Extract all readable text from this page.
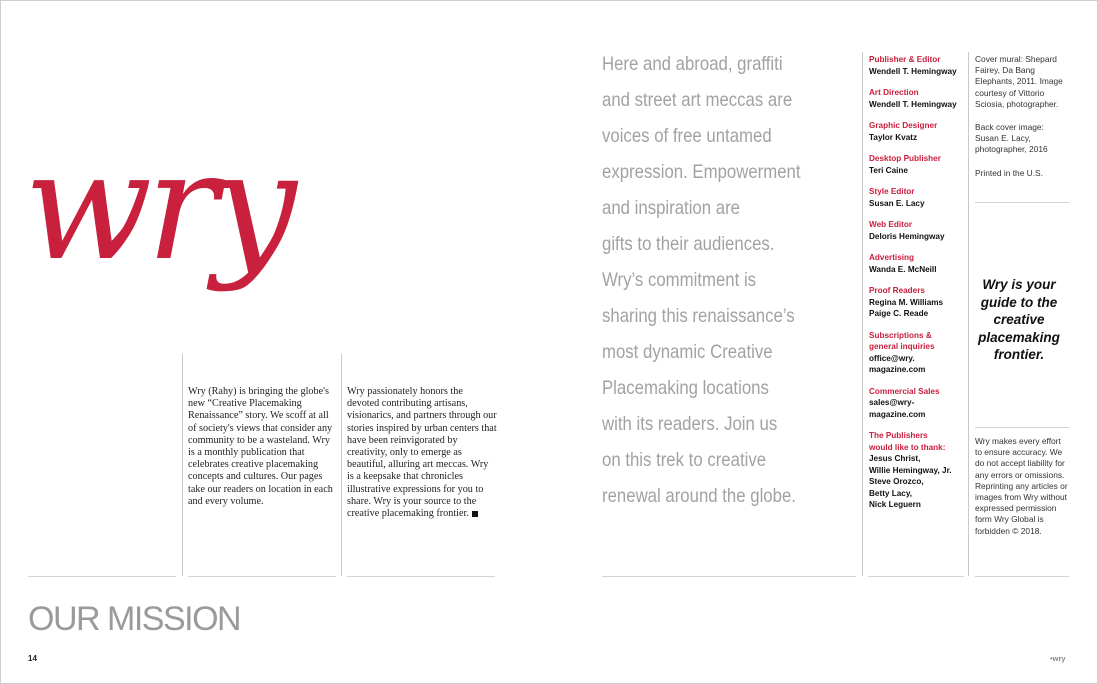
wry
Wry (Rahy) is bringing the globe's new “Creative Placemaking Renaissance” story. We scoff at all of society's views that consider any community to be a wasteland. Wry is a monthly publication that celebrates creative placemaking concepts and cultures. Our pages take our readers on location in each and every volume.
Wry passionately honors the devoted contributing artisans, visionarics, and partners through our stories inspired by urban centers that have been reinvigorated by creativity, only to emerge as beautiful, alluring art meccas. Wry is a keepsake that chronicles illustrative expressions for you to share. Wry is your source to the creative placemaking frontier.
OUR MISSION
14
Here and abroad, graffiti
and street art meccas are
voices of free untamed
expression. Empowerment
and inspiration are
gifts to their audiences.
Wry’s commitment is
sharing this renaissance’s
most dynamic Creative
Placemaking locations
with its readers. Join us
on this trek to creative
renewal around the globe.
Publisher & Editor
Wendell T. Hemingway
Art Direction
Wendell T. Hemingway
Graphic Designer
Taylor Kvatz
Desktop Publisher
Teri Caine
Style Editor
Susan E. Lacy
Web Editor
Deloris Hemingway
Advertising
Wanda E. McNeill
Proof Readers
Regina M. Williams
Paige C. Reade
Subscriptions &
general inquiries
office@wry.
magazine.com
Commercial Sales
sales@wry-
magazine.com
The Publishers
would like to thank:
Jesus Christ,
Willie Hemingway, Jr.
Steve Orozco,
Betty Lacy,
Nick Leguern

Cover mural: Shepard Fairey, Da Bang Elephants, 2011. Image courtesy of Vittorio Sciosia, photographer.

Back cover image: Susan E. Lacy, photographer, 2016

Printed in the U.S.

Wry is your guide to the creative placemaking frontier.
Wry makes every effort to ensure accuracy. We do not accept liability for any errors or omissions. Reprinting any articles or images from Wry without expressed permission form Wry Global is forbidden © 2018.
•wry
